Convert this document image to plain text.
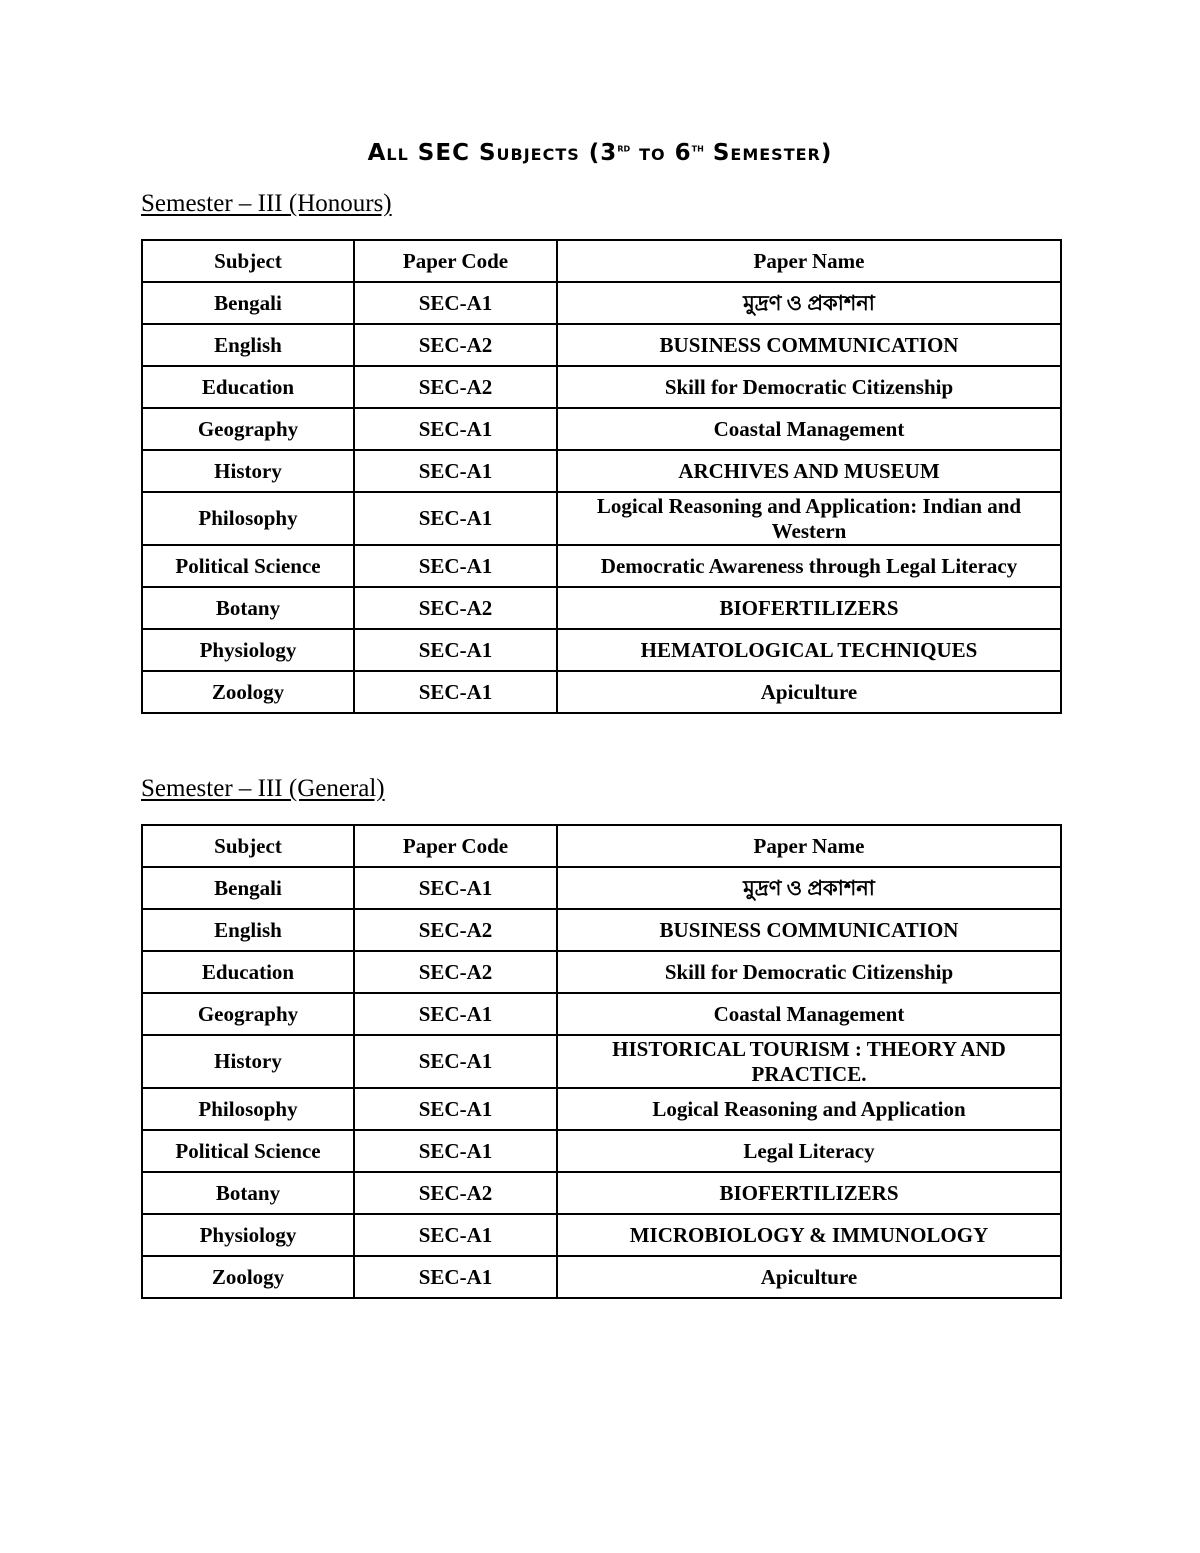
All SEC Subjects (3rd to 6th Semester)
Semester – III (Honours)
Subject	Paper Code	Paper Name
Bengali	SEC-A1	মুদ্রণ ও প্রকাশনা
English	SEC-A2	BUSINESS COMMUNICATION
Education	SEC-A2	Skill for Democratic Citizenship
Geography	SEC-A1	Coastal Management
History	SEC-A1	ARCHIVES AND MUSEUM
Philosophy	SEC-A1	Logical Reasoning and Application: Indian and Western
Political Science	SEC-A1	Democratic Awareness through Legal Literacy
Botany	SEC-A2	BIOFERTILIZERS
Physiology	SEC-A1	HEMATOLOGICAL TECHNIQUES
Zoology	SEC-A1	Apiculture
Semester – III (General)
Subject	Paper Code	Paper Name
Bengali	SEC-A1	মুদ্রণ ও প্রকাশনা
English	SEC-A2	BUSINESS COMMUNICATION
Education	SEC-A2	Skill for Democratic Citizenship
Geography	SEC-A1	Coastal Management
History	SEC-A1	HISTORICAL TOURISM : THEORY AND PRACTICE.
Philosophy	SEC-A1	Logical Reasoning and Application
Political Science	SEC-A1	Legal Literacy
Botany	SEC-A2	BIOFERTILIZERS
Physiology	SEC-A1	MICROBIOLOGY & IMMUNOLOGY
Zoology	SEC-A1	Apiculture
